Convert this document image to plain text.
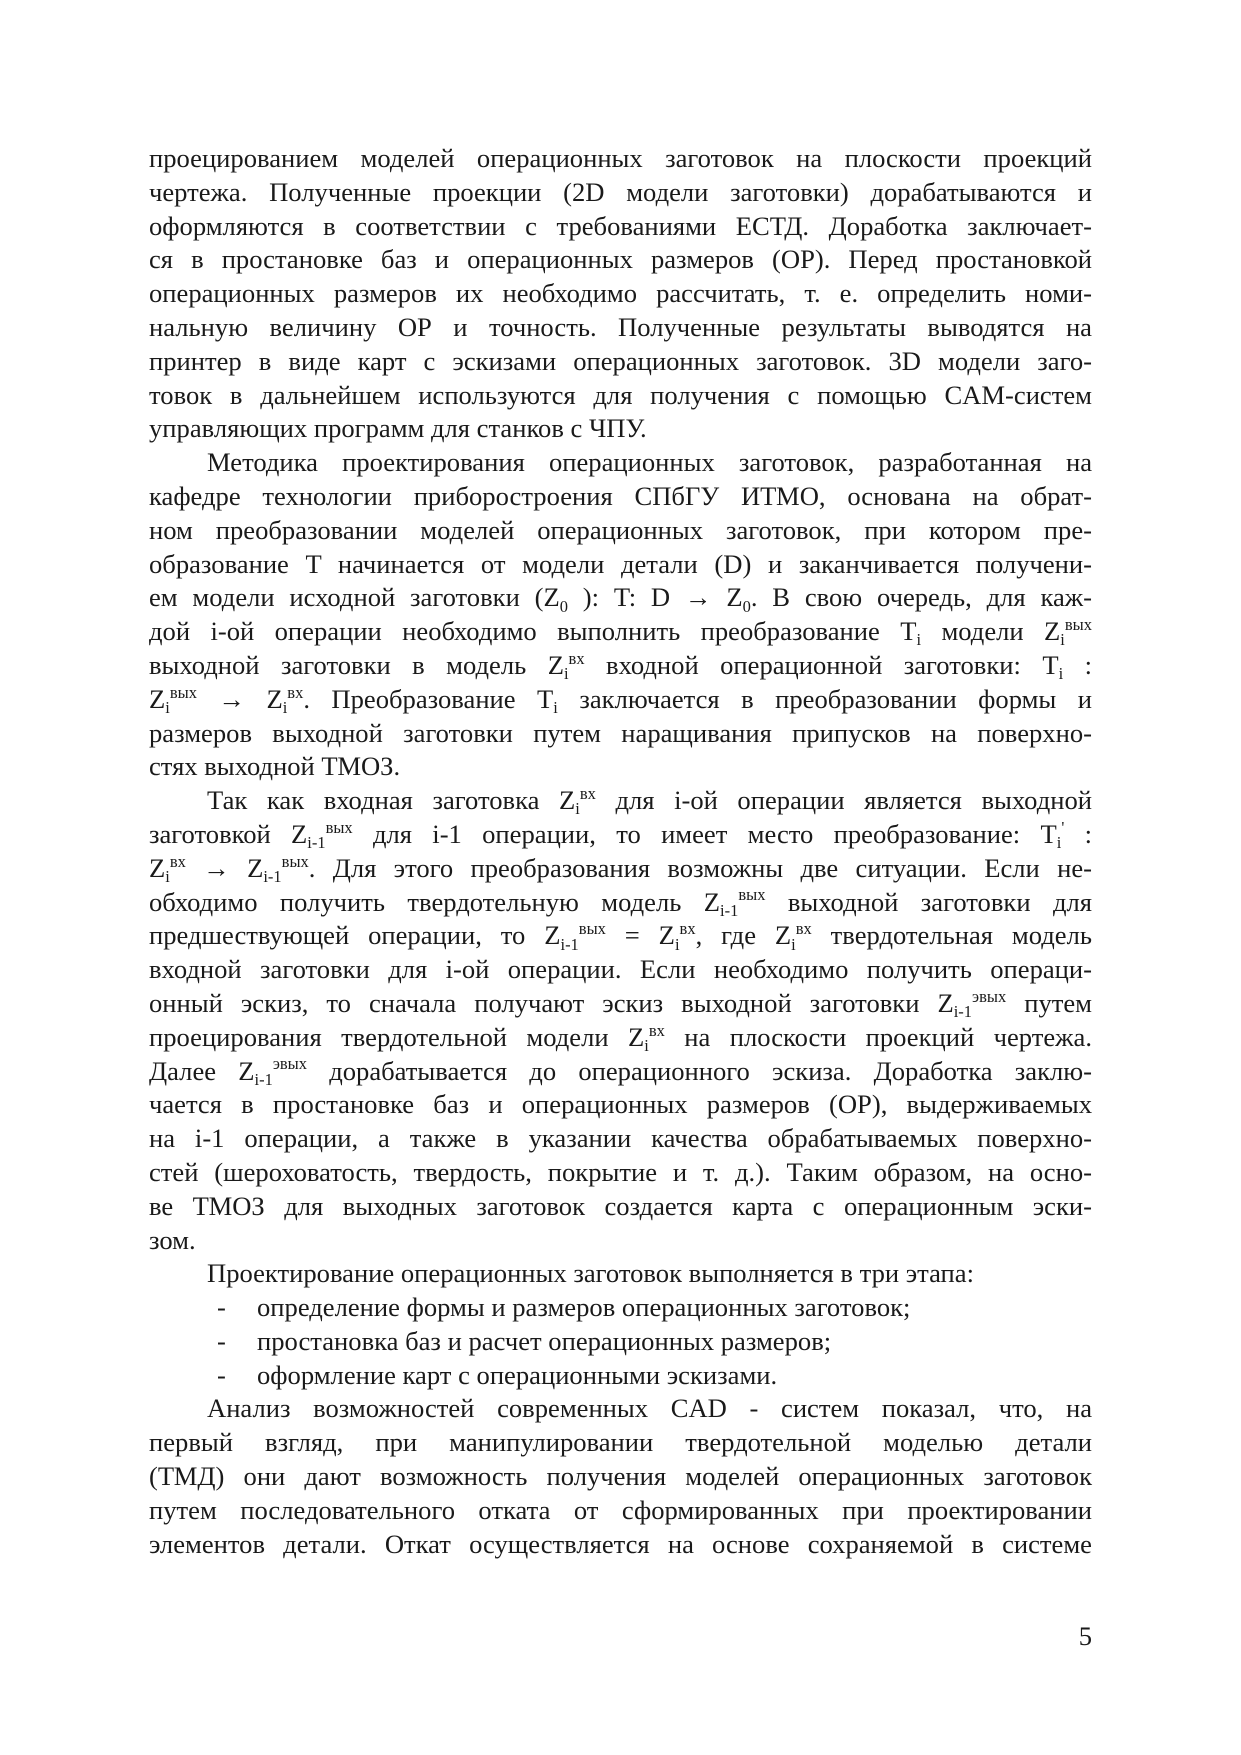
проецированием моделей операционных заготовок на плоскости проекций
чертежа. Полученные проекции (2D модели заготовки) дорабатываются и
оформляются в соответствии с требованиями ЕСТД. Доработка заключает-
ся в простановке баз и операционных размеров (ОР). Перед простановкой
операционных размеров их необходимо рассчитать, т. е. определить номи-
нальную величину ОР и точность. Полученные результаты выводятся на
принтер в виде карт с эскизами операционных заготовок. 3D модели заго-
товок в дальнейшем используются для получения с помощью CAM-систем
управляющих программ для станков с ЧПУ.
Методика проектирования операционных заготовок, разработанная на
кафедре технологии приборостроения СПбГУ ИТМО, основана на обрат-
ном преобразовании моделей операционных заготовок, при котором пре-
образование T начинается от модели детали (D) и заканчивается получени-
ем модели исходной заготовки ($Z_0$ ): T: $D \to Z_0$. В свою очередь, для каж-
дой i-ой операции необходимо выполнить преобразование $T_i$ модели $Z_i^{вых}$
выходной заготовки в модель $Z_i^{вх}$ входной операционной заготовки: $T_i$ :
$Z_i^{вых} \to Z_i^{вх}$. Преобразование $T_i$ заключается в преобразовании формы и
размеров выходной заготовки путем наращивания припусков на поверхно-
стях выходной ТМОЗ.
Так как входная заготовка $Z_i^{вх}$ для i-ой операции является выходной
заготовкой $Z_{i-1}^{вых}$ для i-1 операции, то имеет место преобразование: $T_i'$ :
$Z_i^{вх} \to Z_{i-1}^{вых}$. Для этого преобразования возможны две ситуации. Если не-
обходимо получить твердотельную модель $Z_{i-1}^{вых}$ выходной заготовки для
предшествующей операции, то $Z_{i-1}^{вых} = Z_i^{вх}$, где $Z_i^{вх}$ твердотельная модель
входной заготовки для i-ой операции. Если необходимо получить операци-
онный эскиз, то сначала получают эскиз выходной заготовки $Z_{i-1}^{эвых}$ путем
проецирования твердотельной модели $Z_i^{вх}$ на плоскости проекций чертежа.
Далее $Z_{i-1}^{эвых}$ дорабатывается до операционного эскиза. Доработка заклю-
чается в простановке баз и операционных размеров (ОР), выдерживаемых
на i-1 операции, а также в указании качества обрабатываемых поверхно-
стей (шероховатость, твердость, покрытие и т. д.). Таким образом, на осно-
ве ТМОЗ для выходных заготовок создается карта с операционным эски-
зом.
Проектирование операционных заготовок выполняется в три этапа:
- определение формы и размеров операционных заготовок;
- простановка баз и расчет операционных размеров;
- оформление карт с операционными эскизами.
Анализ возможностей современных CAD - систем показал, что, на
первый взгляд, при манипулировании твердотельной моделью детали
(ТМД) они дают возможность получения моделей операционных заготовок
путем последовательного отката от сформированных при проектировании
элементов детали. Откат осуществляется на основе сохраняемой в системе
5
